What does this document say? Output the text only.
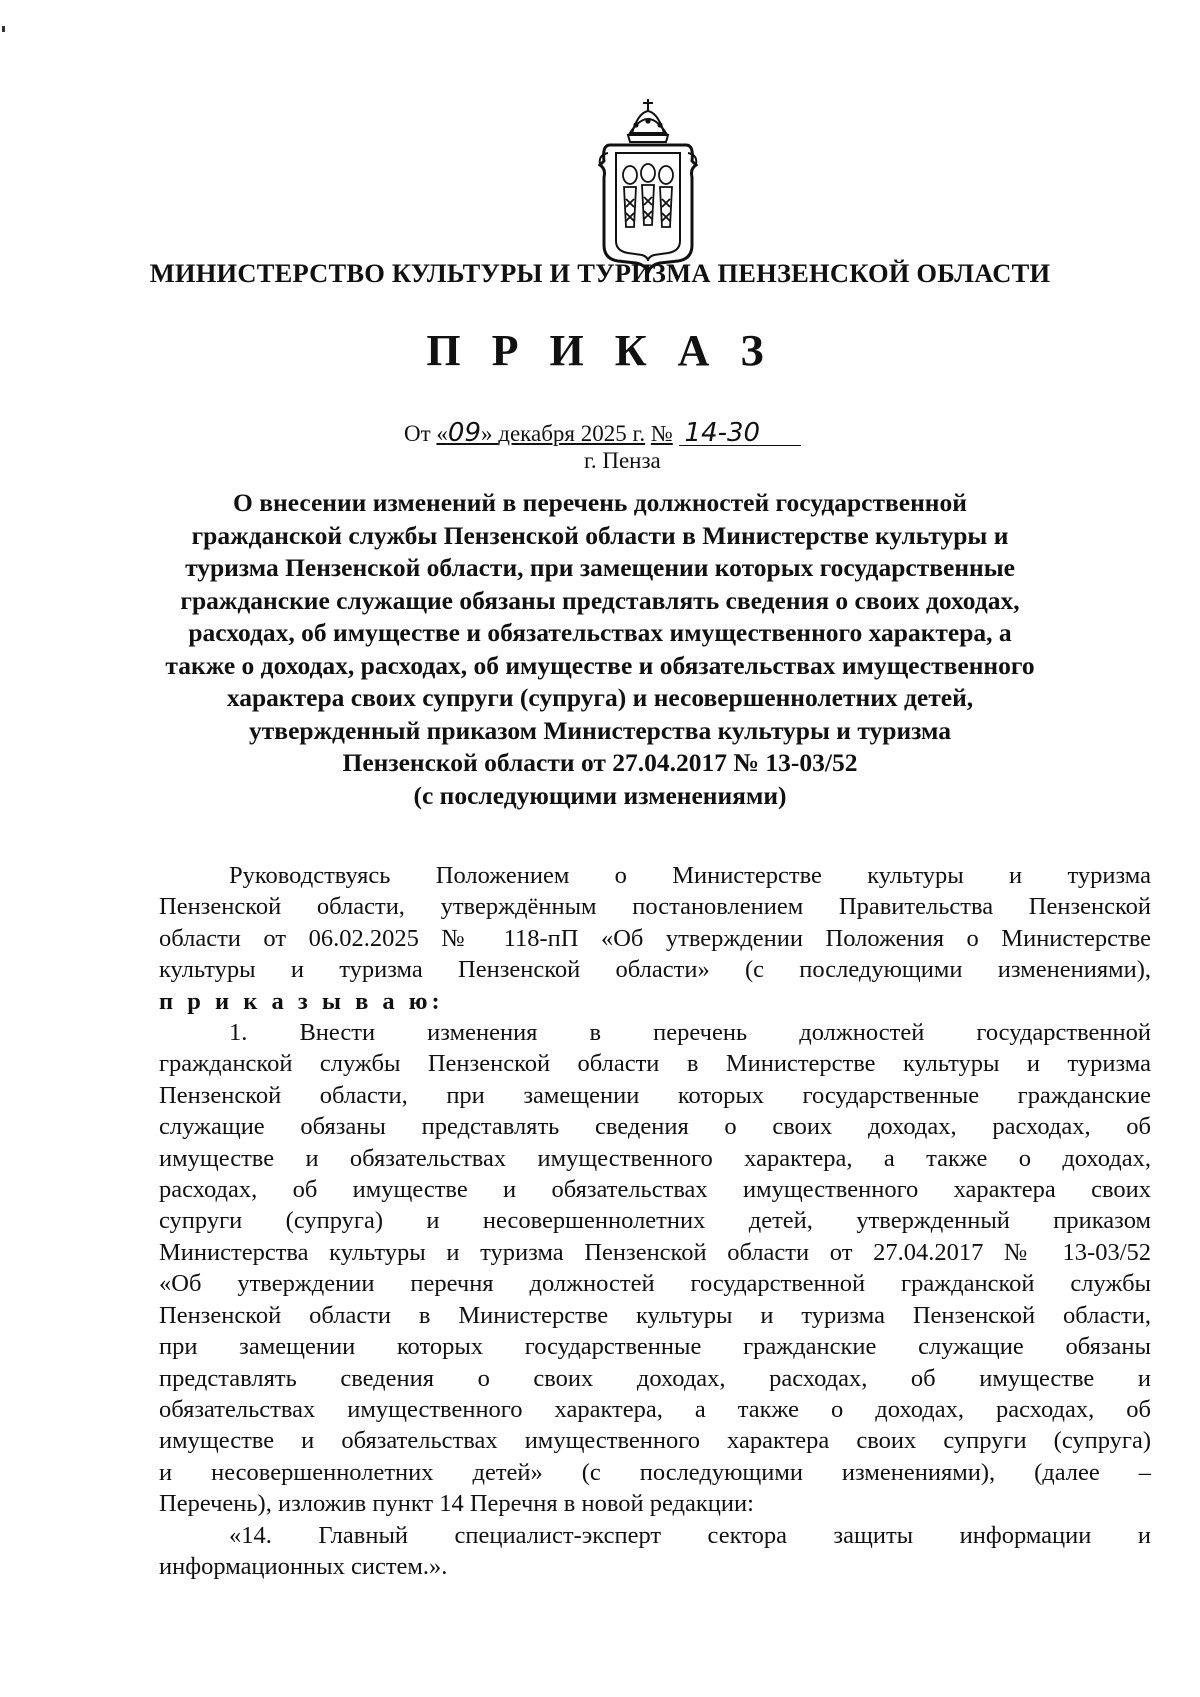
МИНИСТЕРСТВО КУЛЬТУРЫ И ТУРИЗМА ПЕНЗЕНСКОЙ ОБЛАСТИ
П Р И К А З
От «09» декабря 2025 г. № 14-30
г. Пенза
О внесении изменений в перечень должностей государственной
гражданской службы Пензенской области в Министерстве культуры и
туризма Пензенской области, при замещении которых государственные
гражданские служащие обязаны представлять сведения о своих доходах,
расходах, об имуществе и обязательствах имущественного характера, а
также о доходах, расходах, об имуществе и обязательствах имущественного
характера своих супруги (супруга) и несовершеннолетних детей,
утвержденный приказом Министерства культуры и туризма
Пензенской области от 27.04.2017 № 13-03/52
(с последующими изменениями)
Руководствуясь Положением о Министерстве культуры и туризма
Пензенской области, утверждённым постановлением Правительства Пензенской
области от 06.02.2025 № 118-пП «Об утверждении Положения о Министерстве
культуры и туризма Пензенской области» (с последующими изменениями),
п р и к а з ы в а ю:
1. Внести изменения в перечень должностей государственной
гражданской службы Пензенской области в Министерстве культуры и туризма
Пензенской области, при замещении которых государственные гражданские
служащие обязаны представлять сведения о своих доходах, расходах, об
имуществе и обязательствах имущественного характера, а также о доходах,
расходах, об имуществе и обязательствах имущественного характера своих
супруги (супруга) и несовершеннолетних детей, утвержденный приказом
Министерства культуры и туризма Пензенской области от 27.04.2017 № 13-03/52
«Об утверждении перечня должностей государственной гражданской службы
Пензенской области в Министерстве культуры и туризма Пензенской области,
при замещении которых государственные гражданские служащие обязаны
представлять сведения о своих доходах, расходах, об имуществе и
обязательствах имущественного характера, а также о доходах, расходах, об
имуществе и обязательствах имущественного характера своих супруги (супруга)
и несовершеннолетних детей» (с последующими изменениями), (далее –
Перечень), изложив пункт 14 Перечня в новой редакции:
«14. Главный специалист-эксперт сектора защиты информации и
информационных систем.».
